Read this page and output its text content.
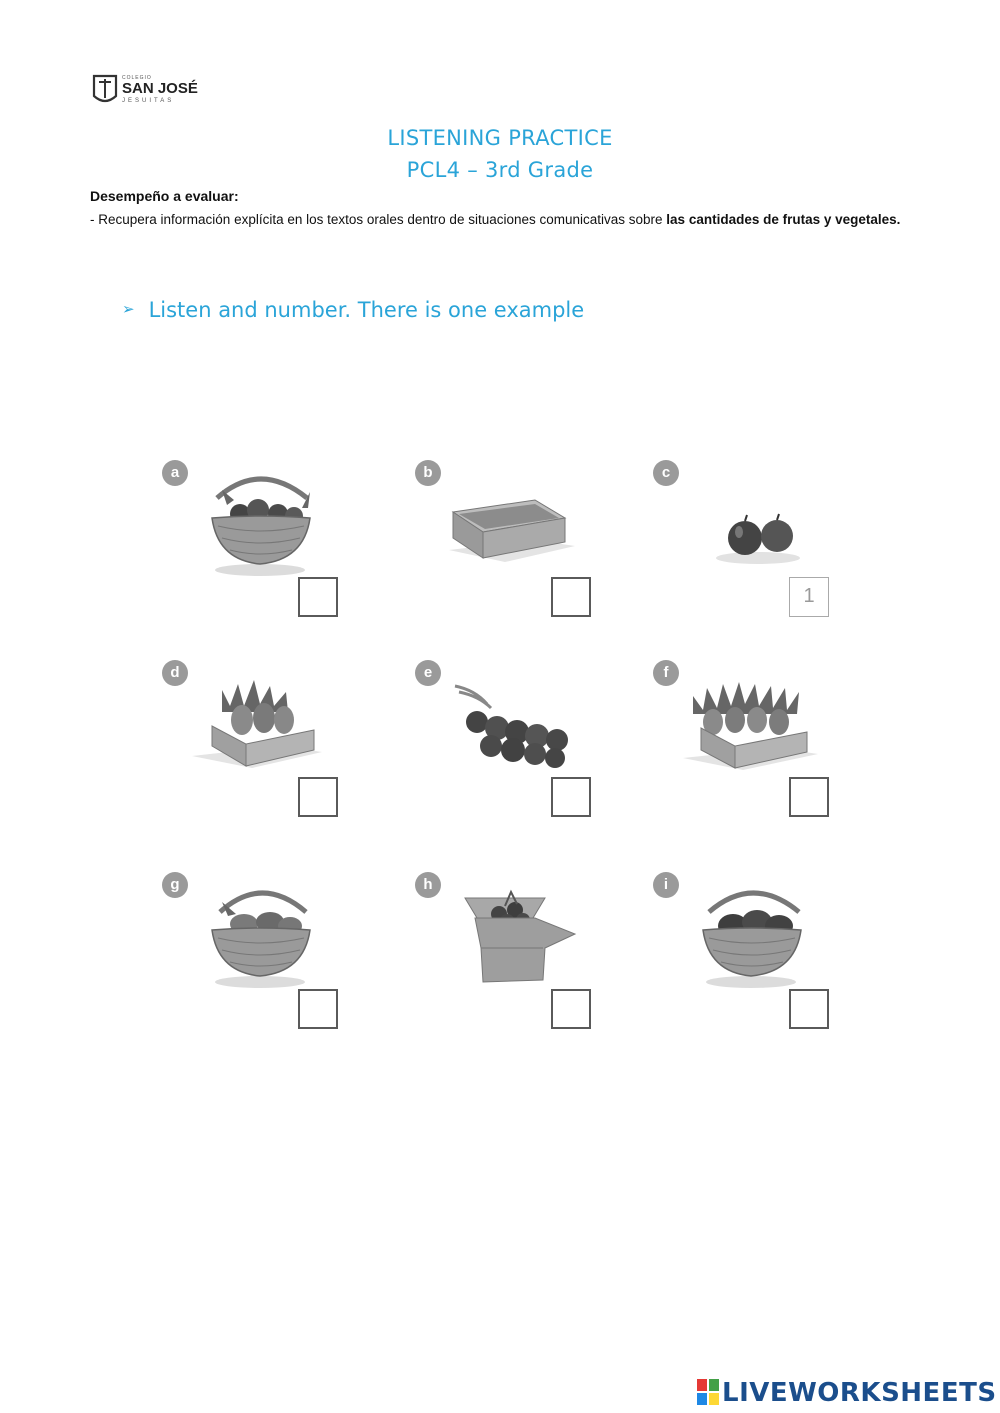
COLEGIO
SAN JOSÉ
JESUITAS
LISTENING PRACTICE
PCL4 – 3rd Grade
Desempeño a evaluar:
- Recupera información explícita en los textos orales dentro de situaciones comunicativas sobre las cantidades de frutas y vegetales.
➢ Listen and number. There is one example
a	b	c
1
d	e	f
g	h	i
LIVEWORKSHEETS
